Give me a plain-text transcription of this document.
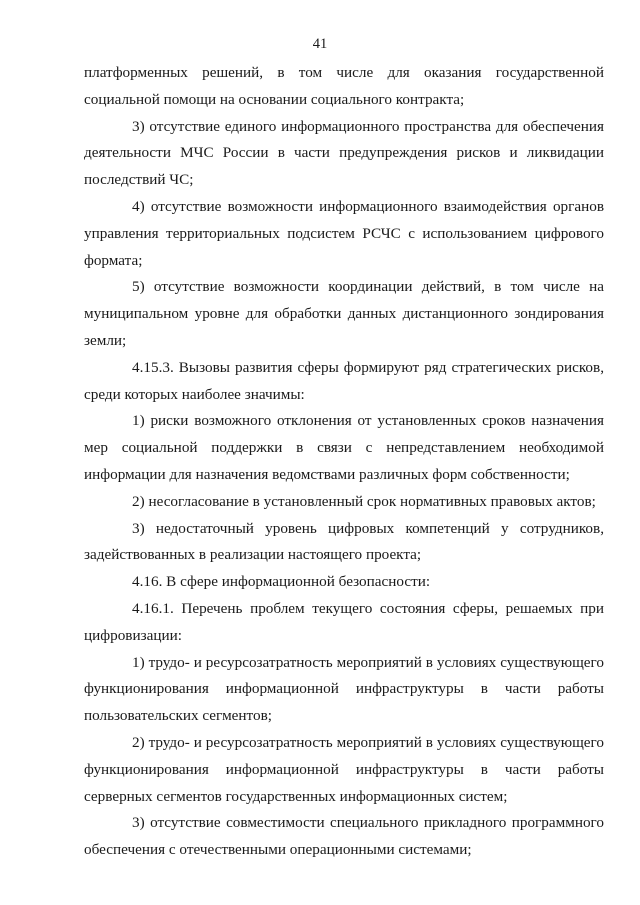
41

платформенных решений, в том числе для оказания государственной социальной помощи на основании социального контракта;

3) отсутствие единого информационного пространства для обеспечения деятельности МЧС России в части предупреждения рисков и ликвидации последствий ЧС;

4) отсутствие возможности информационного взаимодействия органов управления территориальных подсистем РСЧС с использованием цифрового формата;

5) отсутствие возможности координации действий, в том числе на муниципальном уровне для обработки данных дистанционного зондирования земли;

4.15.3. Вызовы развития сферы формируют ряд стратегических рисков, среди которых наиболее значимы:

1) риски возможного отклонения от установленных сроков назначения мер социальной поддержки в связи с непредставлением необходимой информации для назначения ведомствами различных форм собственности;

2) несогласование в установленный срок нормативных правовых актов;

3) недостаточный уровень цифровых компетенций у сотрудников, задействованных в реализации настоящего проекта;

4.16. В сфере информационной безопасности:

4.16.1. Перечень проблем текущего состояния сферы, решаемых при цифровизации:

1) трудо- и ресурсозатратность мероприятий в условиях существующего функционирования информационной инфраструктуры в части работы пользовательских сегментов;

2) трудо- и ресурсозатратность мероприятий в условиях существующего функционирования информационной инфраструктуры в части работы серверных сегментов государственных информационных систем;

3) отсутствие совместимости специального прикладного программного обеспечения с отечественными операционными системами;
